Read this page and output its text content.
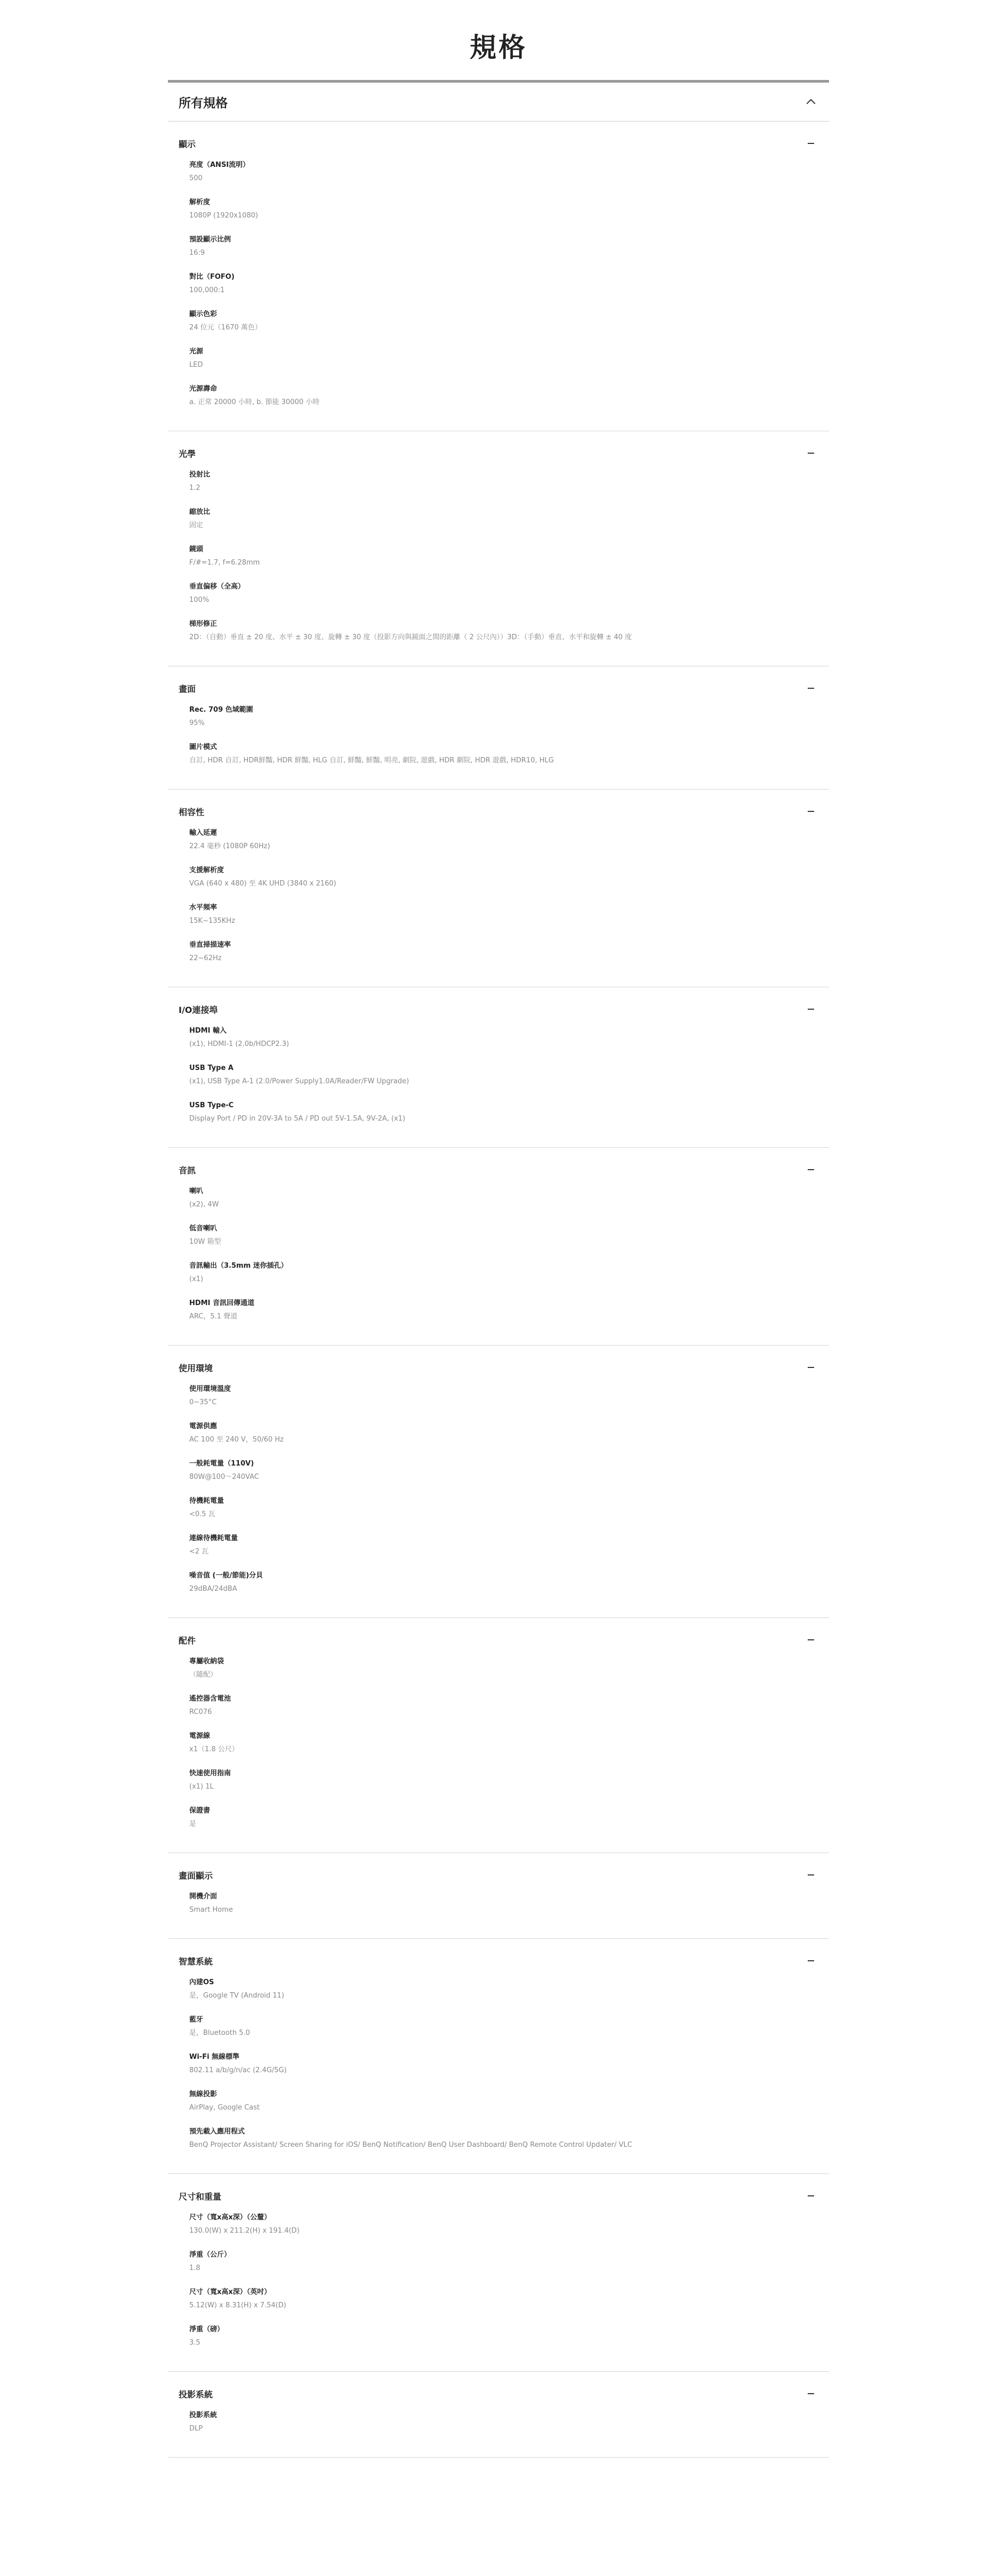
規格
所有規格
顯示
亮度（ANSI流明）
500
解析度
1080P (1920x1080)
預設顯示比例
16:9
對比（FOFO)
100,000:1
顯示色彩
24 位元（1670 萬色）
光源
LED
光源壽命
a. 正常 20000 小時, b. 節能 30000 小時
光學
投射比
1.2
縮放比
固定
鏡頭
F/#=1.7, f=6.28mm
垂直偏移（全高）
100%
梯形修正
2D：（自動）垂直 ± 20 度、水平 ± 30 度、旋轉 ± 30 度（投影方向與鏡面之間的距離（ 2 公尺內））3D：（手動）垂直、水平和旋轉 ± 40 度
畫面
Rec. 709 色域範圍
95%
圖片模式
自訂, HDR 自訂, HDR鮮豔, HDR 鮮豔, HLG 自訂, 鮮豔, 鮮豔, 明亮, 劇院, 遊戲, HDR 劇院, HDR 遊戲, HDR10, HLG
相容性
輸入延遲
22.4 毫秒 (1080P 60Hz)
支援解析度
VGA (640 x 480) 至 4K UHD (3840 x 2160)
水平頻率
15K~135KHz
垂直掃描速率
22~62Hz
I/O連接埠
HDMI 輸入
(x1), HDMI-1 (2.0b/HDCP2.3)
USB Type A
(x1), USB Type A-1 (2.0/Power Supply1.0A/Reader/FW Upgrade)
USB Type-C
Display Port / PD in 20V-3A to 5A / PD out 5V-1.5A, 9V-2A, (x1)
音訊
喇叭
(x2), 4W
低音喇叭
10W 箱型
音訊輸出（3.5mm 迷你插孔）
(x1)
HDMI 音訊回傳通道
ARC，5.1 聲道
使用環境
使用環境溫度
0~35°C
電源供應
AC 100 至 240 V，50/60 Hz
一般耗電量（110V)
80W@100～240VAC
待機耗電量
<0.5 瓦
連線待機耗電量
<2 瓦
噪音值 (一般/節能)分貝
29dBA/24dBA
配件
專屬收納袋
（隨配）
遙控器含電池
RC076
電源線
x1（1.8 公尺）
快速使用指南
(x1) 1L
保證書
是
畫面顯示
開機介面
Smart Home
智慧系統
內建OS
是，Google TV (Android 11)
藍牙
是，Bluetooth 5.0
Wi-Fi 無線標準
802.11 a/b/g/n/ac (2.4G/5G)
無線投影
AirPlay, Google Cast
預先載入應用程式
BenQ Projector Assistant/ Screen Sharing for iOS/ BenQ Notification/ BenQ User Dashboard/ BenQ Remote Control Updater/ VLC
尺寸和重量
尺寸（寬x高x深）（公釐）
130.0(W) x 211.2(H) x 191.4(D)
淨重（公斤）
1.8
尺寸（寬x高x深）（英吋）
5.12(W) x 8.31(H) x 7.54(D)
淨重（磅）
3.5
投影系統
投影系統
DLP
